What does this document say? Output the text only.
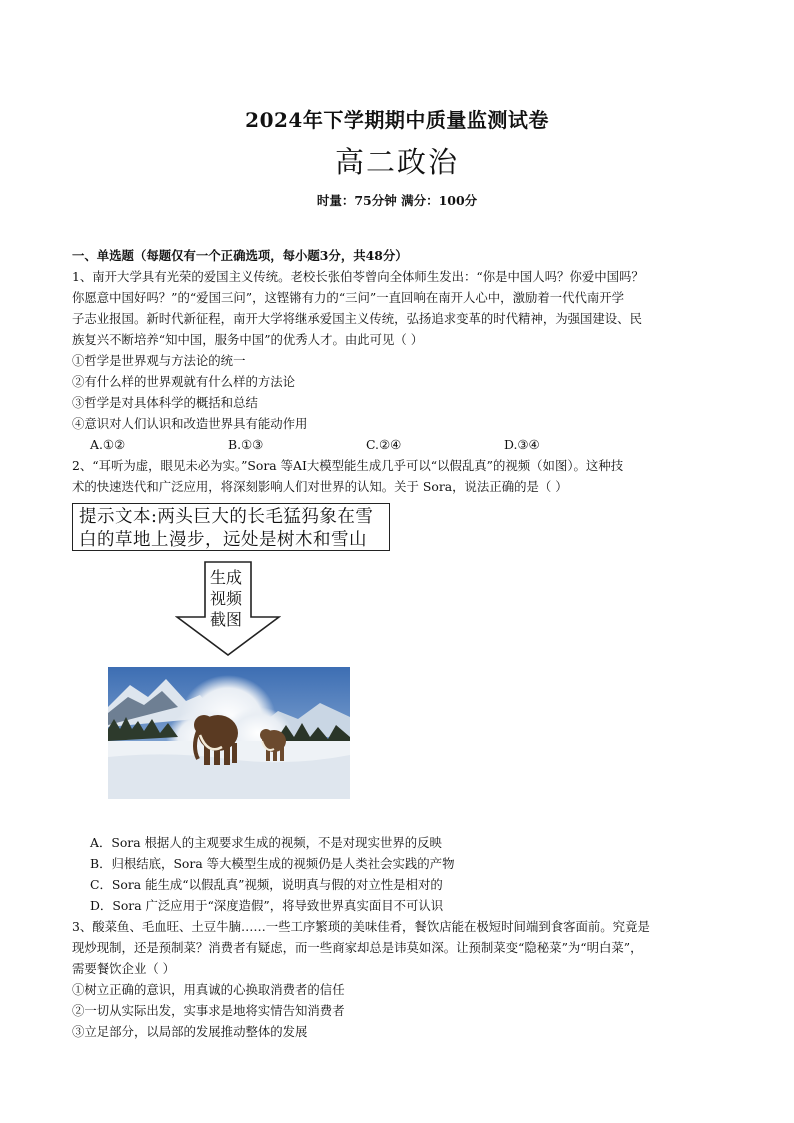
2024年下学期期中质量监测试卷
高二政治
时量：75分钟 满分：100分
一、单选题（每题仅有一个正确选项，每小题3分，共48分）
1、南开大学具有光荣的爱国主义传统。老校长张伯苓曾向全体师生发出：“你是中国人吗？你爱中国吗？
你愿意中国好吗？”的“爱国三问”，这铿锵有力的“三问”一直回响在南开人心中，激励着一代代南开学
子志业报国。新时代新征程，南开大学将继承爱国主义传统，弘扬追求变革的时代精神，为强国建设、民
族复兴不断培养“知中国，服务中国”的优秀人才。由此可见（ ）
①哲学是世界观与方法论的统一
②有什么样的世界观就有什么样的方法论
③哲学是对具体科学的概括和总结
④意识对人们认识和改造世界具有能动作用
A.①②	B.①③	C.②④	D.③④
2、“耳听为虚，眼见未必为实。”Sora 等AI大模型能生成几乎可以“以假乱真”的视频（如图）。这种技
术的快速迭代和广泛应用，将深刻影响人们对世界的认知。关于 Sora，说法正确的是（ ）
提示文本:两头巨大的长毛猛犸象在雪
白的草地上漫步，远处是树木和雪山
生成
视频
截图
A．Sora 根据人的主观要求生成的视频，不是对现实世界的反映
B．归根结底，Sora 等大模型生成的视频仍是人类社会实践的产物
C．Sora 能生成“以假乱真”视频，说明真与假的对立性是相对的
D．Sora 广泛应用于“深度造假”，将导致世界真实面目不可认识
3、酸菜鱼、毛血旺、土豆牛腩……一些工序繁琐的美味佳肴，餐饮店能在极短时间端到食客面前。究竟是
现炒现制，还是预制菜？消费者有疑虑，而一些商家却总是讳莫如深。让预制菜变“隐秘菜”为“明白菜”，
需要餐饮企业（ ）
①树立正确的意识，用真诚的心换取消费者的信任
②一切从实际出发，实事求是地将实情告知消费者
③立足部分，以局部的发展推动整体的发展
